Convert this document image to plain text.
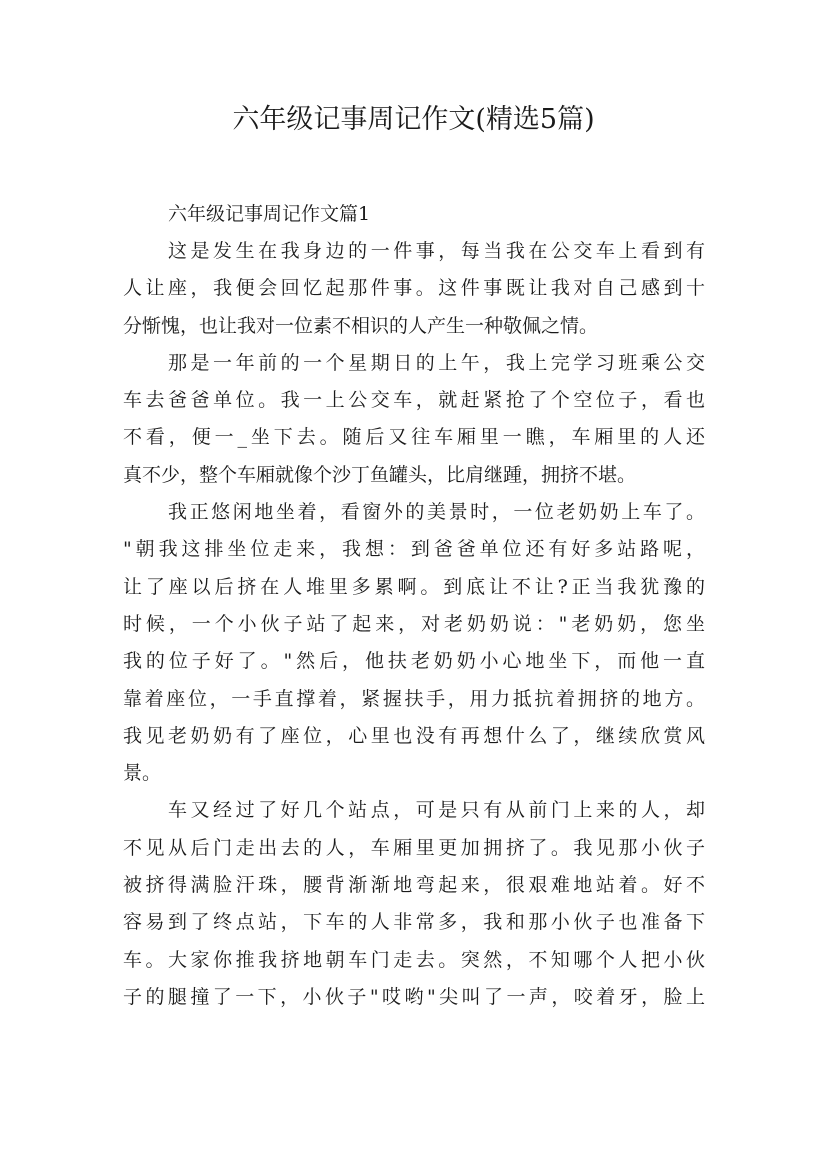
六年级记事周记作文(精选5篇)
六年级记事周记作文篇1

这是发生在我身边的一件事，每当我在公交车上看到有
人让座，我便会回忆起那件事。这件事既让我对自己感到十
分惭愧，也让我对一位素不相识的人产生一种敬佩之情。

那是一年前的一个星期日的上午，我上完学习班乘公交
车去爸爸单位。我一上公交车，就赶紧抢了个空位子，看也
不看，便一_坐下去。随后又往车厢里一瞧，车厢里的人还
真不少，整个车厢就像个沙丁鱼罐头，比肩继踵，拥挤不堪。

我正悠闲地坐着，看窗外的美景时，一位老奶奶上车了。
"朝我这排坐位走来，我想：到爸爸单位还有好多站路呢，
让了座以后挤在人堆里多累啊。到底让不让?正当我犹豫的
时候，一个小伙子站了起来，对老奶奶说："老奶奶，您坐
我的位子好了。"然后，他扶老奶奶小心地坐下，而他一直
靠着座位，一手直撑着，紧握扶手，用力抵抗着拥挤的地方。
我见老奶奶有了座位，心里也没有再想什么了，继续欣赏风
景。

车又经过了好几个站点，可是只有从前门上来的人，却
不见从后门走出去的人，车厢里更加拥挤了。我见那小伙子
被挤得满脸汗珠，腰背渐渐地弯起来，很艰难地站着。好不
容易到了终点站，下车的人非常多，我和那小伙子也准备下
车。大家你推我挤地朝车门走去。突然，不知哪个人把小伙
子的腿撞了一下，小伙子"哎哟"尖叫了一声，咬着牙，脸上
